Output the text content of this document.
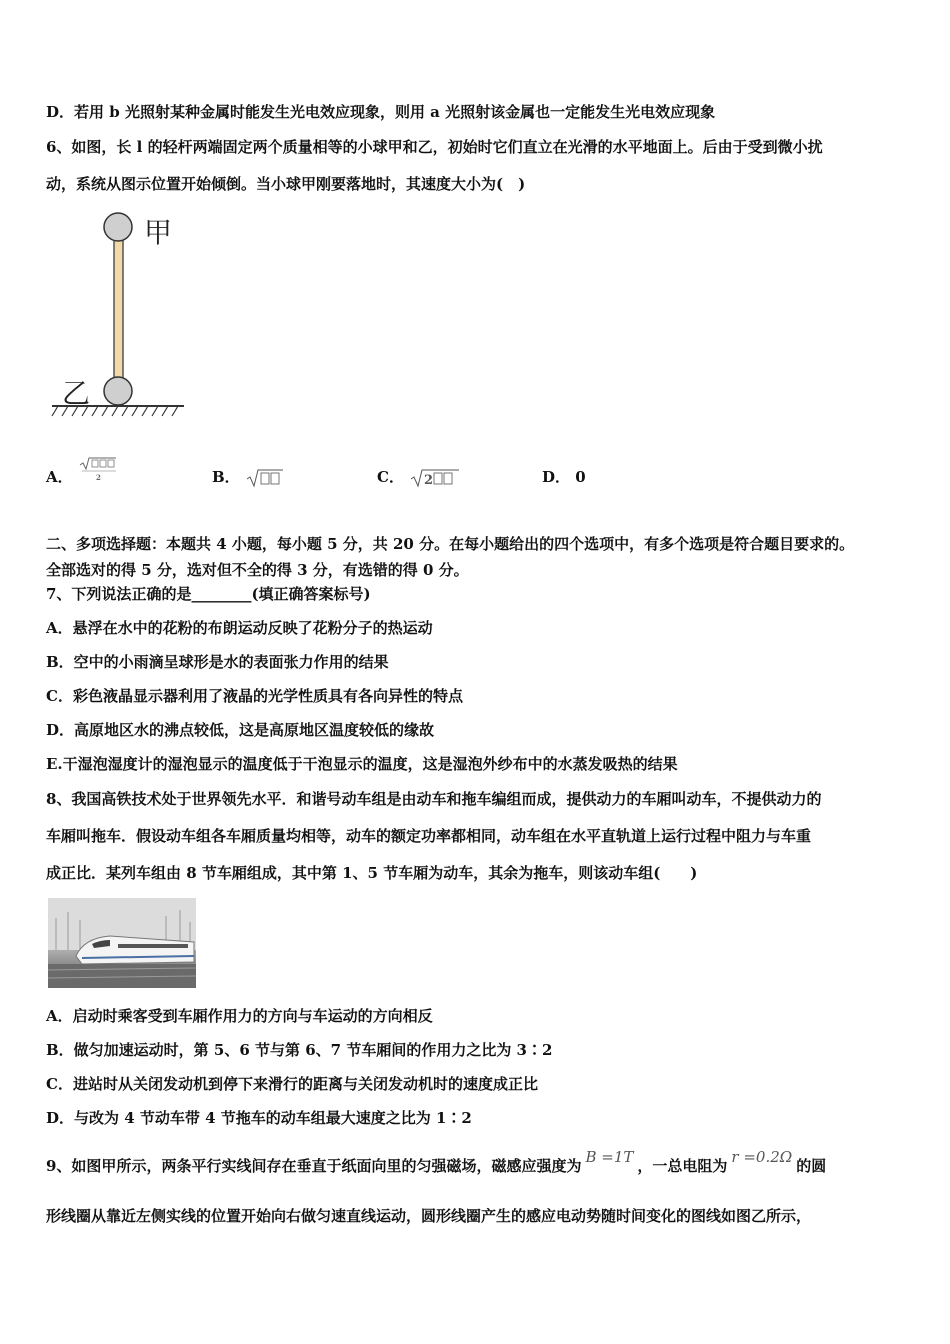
D．若用 b 光照射某种金属时能发生光电效应现象，则用 a 光照射该金属也一定能发生光电效应现象
6、如图，长 l 的轻杆两端固定两个质量相等的小球甲和乙，初始时它们直立在光滑的水平地面上。后由于受到微小扰
动，系统从图示位置开始倾倒。当小球甲刚要落地时，其速度大小为(　)
甲
乙
A．	2	B．	C． 2	D． 0
二、多项选择题：本题共 4 小题，每小题 5 分，共 20 分。在每小题给出的四个选项中，有多个选项是符合题目要求的。
全部选对的得 5 分，选对但不全的得 3 分，有选错的得 0 分。
7、下列说法正确的是________(填正确答案标号)
A．悬浮在水中的花粉的布朗运动反映了花粉分子的热运动
B．空中的小雨滴呈球形是水的表面张力作用的结果
C．彩色液晶显示器利用了液晶的光学性质具有各向异性的特点
D．高原地区水的沸点较低，这是高原地区温度较低的缘故
E.干湿泡湿度计的湿泡显示的温度低于干泡显示的温度，这是湿泡外纱布中的水蒸发吸热的结果
8、我国高铁技术处于世界领先水平．和谐号动车组是由动车和拖车编组而成，提供动力的车厢叫动车，不提供动力的
车厢叫拖车．假设动车组各车厢质量均相等，动车的额定功率都相同，动车组在水平直轨道上运行过程中阻力与车重
成正比．某列车组由 8 节车厢组成，其中第 1、5 节车厢为动车，其余为拖车，则该动车组(　　)
A．启动时乘客受到车厢作用力的方向与车运动的方向相反
B．做匀加速运动时，第 5、6 节与第 6、7 节车厢间的作用力之比为 3∶2
C．进站时从关闭发动机到停下来滑行的距离与关闭发动机时的速度成正比
D．与改为 4 节动车带 4 节拖车的动车组最大速度之比为 1∶2
9、如图甲所示，两条平行实线间存在垂直于纸面向里的匀强磁场，磁感应强度为 B =1T ，一总电阻为 r =0.2Ω 的圆
形线圈从靠近左侧实线的位置开始向右做匀速直线运动，圆形线圈产生的感应电动势随时间变化的图线如图乙所示，
